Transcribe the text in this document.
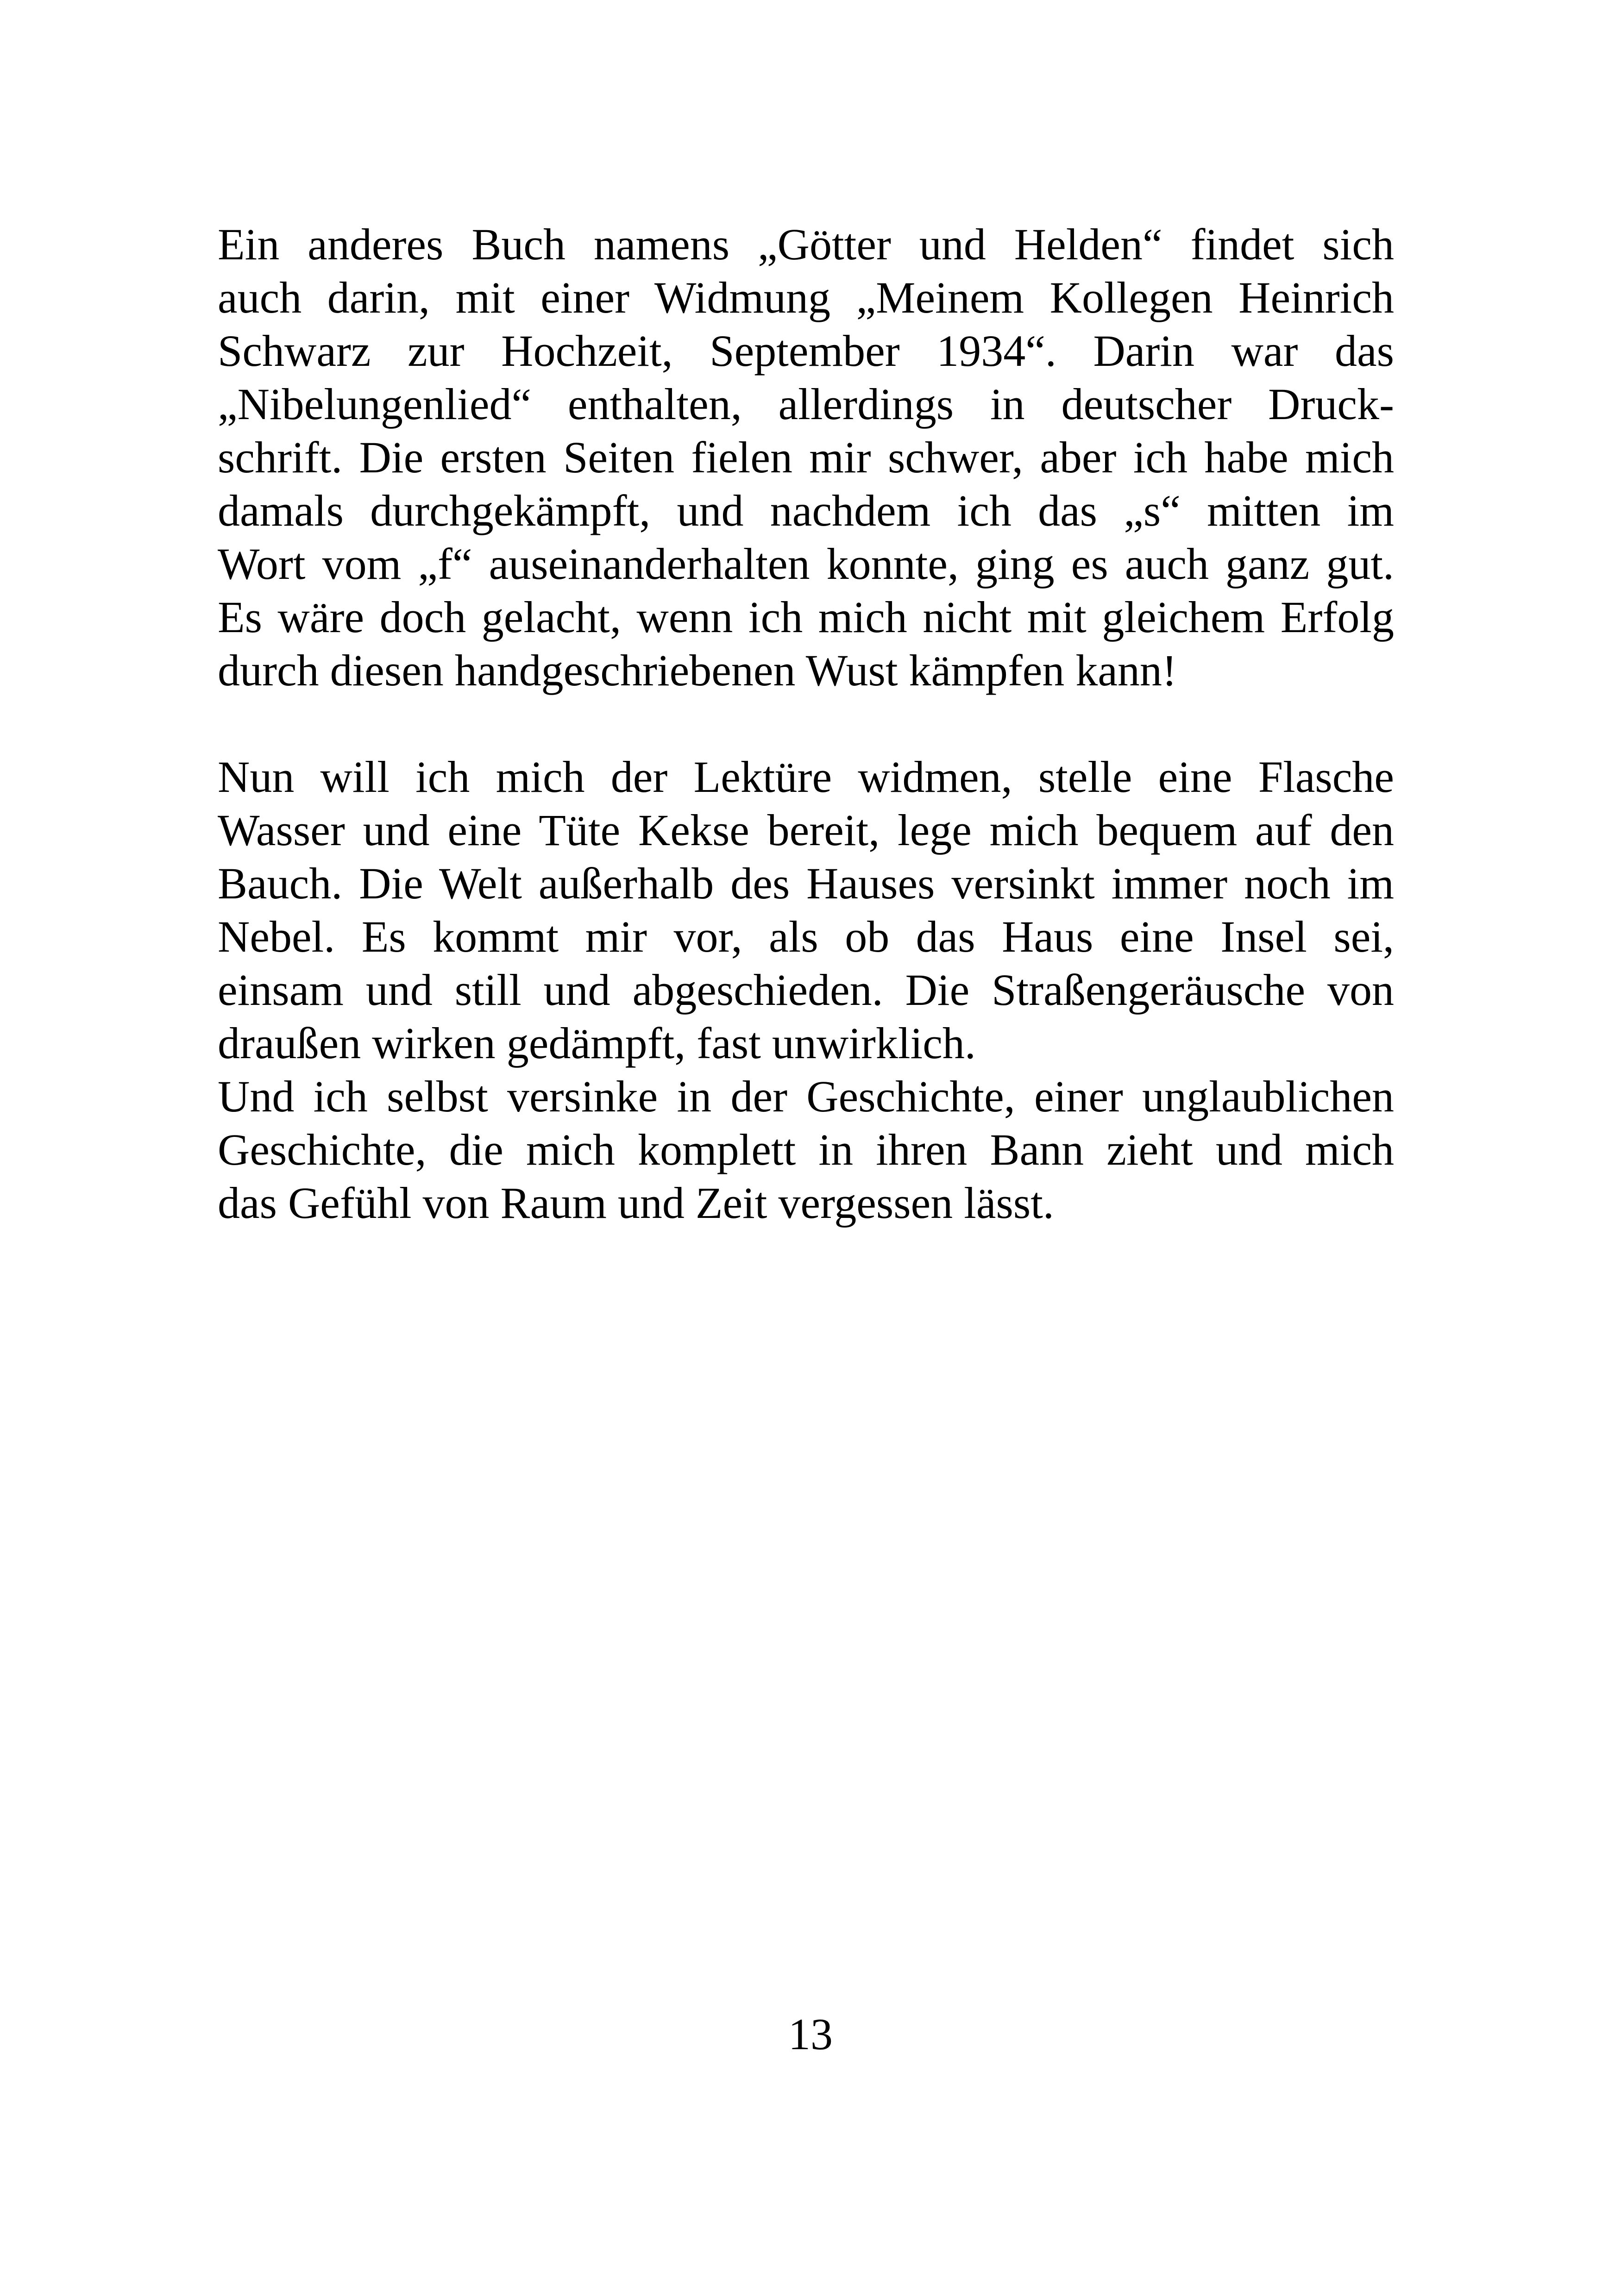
Ein anderes Buch namens „Götter und Helden“ findet sich
auch darin, mit einer Widmung „Meinem Kollegen Heinrich
Schwarz zur Hochzeit, September 1934“. Darin war das
„Nibelungenlied“ enthalten, allerdings in deutscher Druck-
schrift. Die ersten Seiten fielen mir schwer, aber ich habe mich
damals durchgekämpft, und nachdem ich das „s“ mitten im
Wort vom „f“ auseinanderhalten konnte, ging es auch ganz gut.
Es wäre doch gelacht, wenn ich mich nicht mit gleichem Erfolg
durch diesen handgeschriebenen Wust kämpfen kann!
Nun will ich mich der Lektüre widmen, stelle eine Flasche
Wasser und eine Tüte Kekse bereit, lege mich bequem auf den
Bauch. Die Welt außerhalb des Hauses versinkt immer noch im
Nebel. Es kommt mir vor, als ob das Haus eine Insel sei,
einsam und still und abgeschieden. Die Straßengeräusche von
draußen wirken gedämpft, fast unwirklich.
Und ich selbst versinke in der Geschichte, einer unglaublichen
Geschichte, die mich komplett in ihren Bann zieht und mich
das Gefühl von Raum und Zeit vergessen lässt.
13
